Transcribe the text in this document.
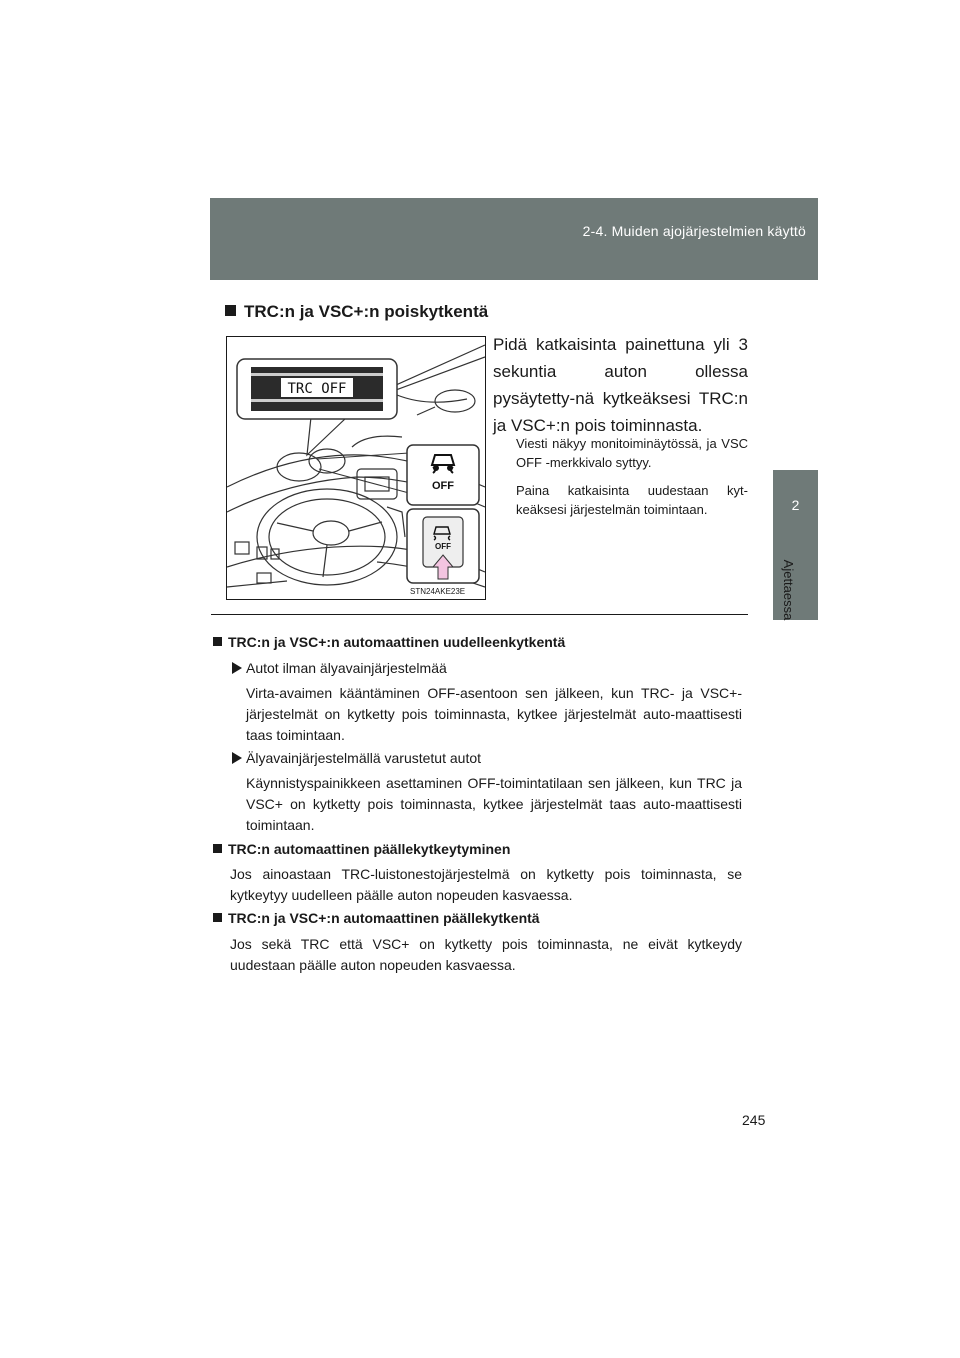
2-4. Muiden ajojärjestelmien käyttö
2
Ajettaessa
TRC:n ja VSC+:n poiskytkentä
TRC OFF
OFF
OFF
STN24AKE23E
Pidä katkaisinta painettuna yli 3 sekuntia auton ollessa pysäytetty-nä kytkeäksesi TRC:n ja VSC+:n pois toiminnasta.
Viesti näkyy monitoiminäytössä, ja VSC OFF -merkkivalo syttyy.
Paina katkaisinta uudestaan kyt-keäksesi järjestelmän toimintaan.
TRC:n ja VSC+:n automaattinen uudelleenkytkentä
Autot ilman älyavainjärjestelmää
Virta-avaimen kääntäminen OFF-asentoon sen jälkeen, kun TRC- ja VSC+-järjestelmät on kytketty pois toiminnasta, kytkee järjestelmät auto-maattisesti taas toimintaan.
Älyavainjärjestelmällä varustetut autot
Käynnistyspainikkeen asettaminen OFF-toimintatilaan sen jälkeen, kun TRC ja VSC+ on kytketty pois toiminnasta, kytkee järjestelmät taas auto-maattisesti toimintaan.
TRC:n automaattinen päällekytkeytyminen
Jos ainoastaan TRC-luistonestojärjestelmä on kytketty pois toiminnasta, se kytkeytyy uudelleen päälle auton nopeuden kasvaessa.
TRC:n ja VSC+:n automaattinen päällekytkentä
Jos sekä TRC että VSC+ on kytketty pois toiminnasta, ne eivät kytkeydy uudestaan päälle auton nopeuden kasvaessa.
245
